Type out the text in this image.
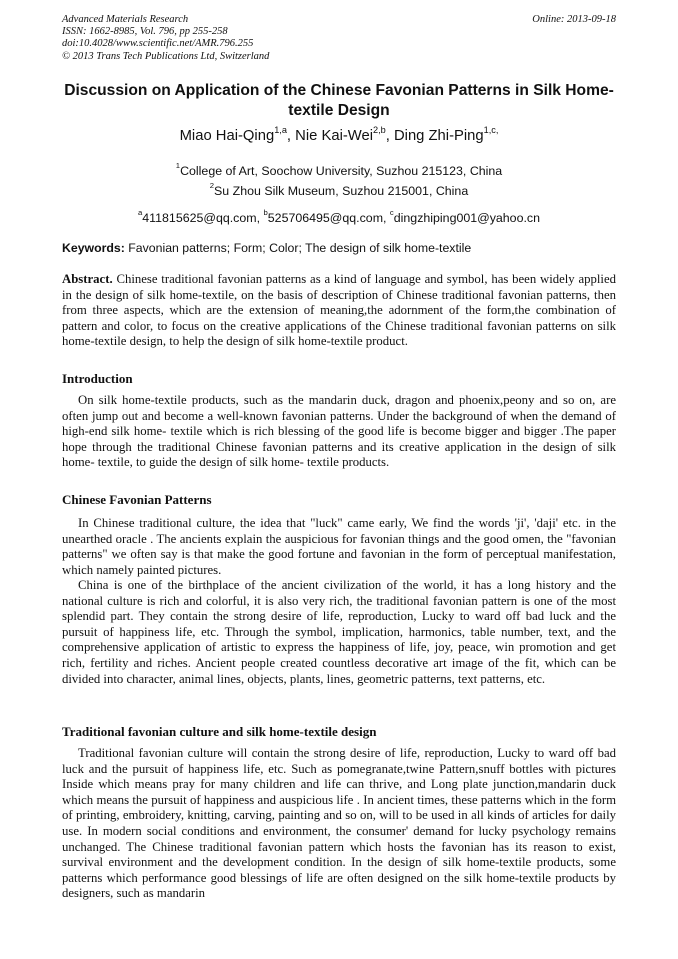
Advanced Materials Research
ISSN: 1662-8985, Vol. 796, pp 255-258
doi:10.4028/www.scientific.net/AMR.796.255
© 2013 Trans Tech Publications Ltd, Switzerland
Online: 2013-09-18
Discussion on Application of the Chinese Favonian Patterns in Silk Home-textile Design
Miao Hai-Qing$^{1,a}$, Nie Kai-Wei$^{2,b}$, Ding Zhi-Ping$^{1,c,}$
$^1$College of Art, Soochow University, Suzhou 215123, China
$^2$Su Zhou Silk Museum, Suzhou 215001, China
$^a$411815625@qq.com, $^b$525706495@qq.com, $^c$dingzhiping001@yahoo.cn
Keywords: Favonian patterns; Form; Color; The design of silk home-textile
Abstract. Chinese traditional favonian patterns as a kind of language and symbol, has been widely applied in the design of silk home-textile, on the basis of description of Chinese traditional favonian patterns, then from three aspects, which are the extension of meaning,the adornment of the form,the combination of pattern and color, to focus on the creative applications of the Chinese traditional favonian patterns on silk home-textile design, to help the design of silk home-textile product.
Introduction
On silk home-textile products, such as the mandarin duck, dragon and phoenix,peony and so on, are often jump out and become a well-known favonian patterns. Under the background of when the demand of high-end silk home- textile which is rich blessing of the good life is become bigger and bigger .The paper hope through the traditional Chinese favonian patterns and its creative application in the design of silk home- textile, to guide the design of silk home- textile products.
Chinese Favonian Patterns
In Chinese traditional culture, the idea that "luck" came early, We find the words 'ji', 'daji' etc. in the unearthed oracle . The ancients explain the auspicious for favonian things and the good omen, the "favonian patterns" we often say is that make the good fortune and favonian in the form of perceptual manifestation, which namely painted pictures.
China is one of the birthplace of the ancient civilization of the world, it has a long history and the national culture is rich and colorful, it is also very rich, the traditional favonian pattern is one of the most splendid part. They contain the strong desire of life, reproduction, Lucky to ward off bad luck and the pursuit of happiness life, etc. Through the symbol, implication, harmonics, table number, text, and the comprehensive application of artistic to express the happiness of life, joy, peace, win promotion and get rich, fertility and riches. Ancient people created countless decorative art image of the fit, which can be divided into character, animal lines, objects, plants, lines, geometric patterns, text patterns, etc.
Traditional favonian culture and silk home-textile design
Traditional favonian culture will contain the strong desire of life, reproduction, Lucky to ward off bad luck and the pursuit of happiness life, etc. Such as pomegranate,twine Pattern,snuff bottles with pictures Inside which means pray for many children and life can thrive, and Long plate junction,mandarin duck which means the pursuit of happiness and auspicious life . In ancient times, these patterns which in the form of printing, embroidery, knitting, carving, painting and so on, will to be used in all kinds of articles for daily use. In modern social conditions and environment, the consumer' demand for lucky psychology remains unchanged. The Chinese traditional favonian pattern which hosts the favonian has its reason to exist, survival environment and the development condition. In the design of silk home-textile products, some patterns which performance good blessings of life are often designed on the silk home-textile products by designers, such as mandarin
